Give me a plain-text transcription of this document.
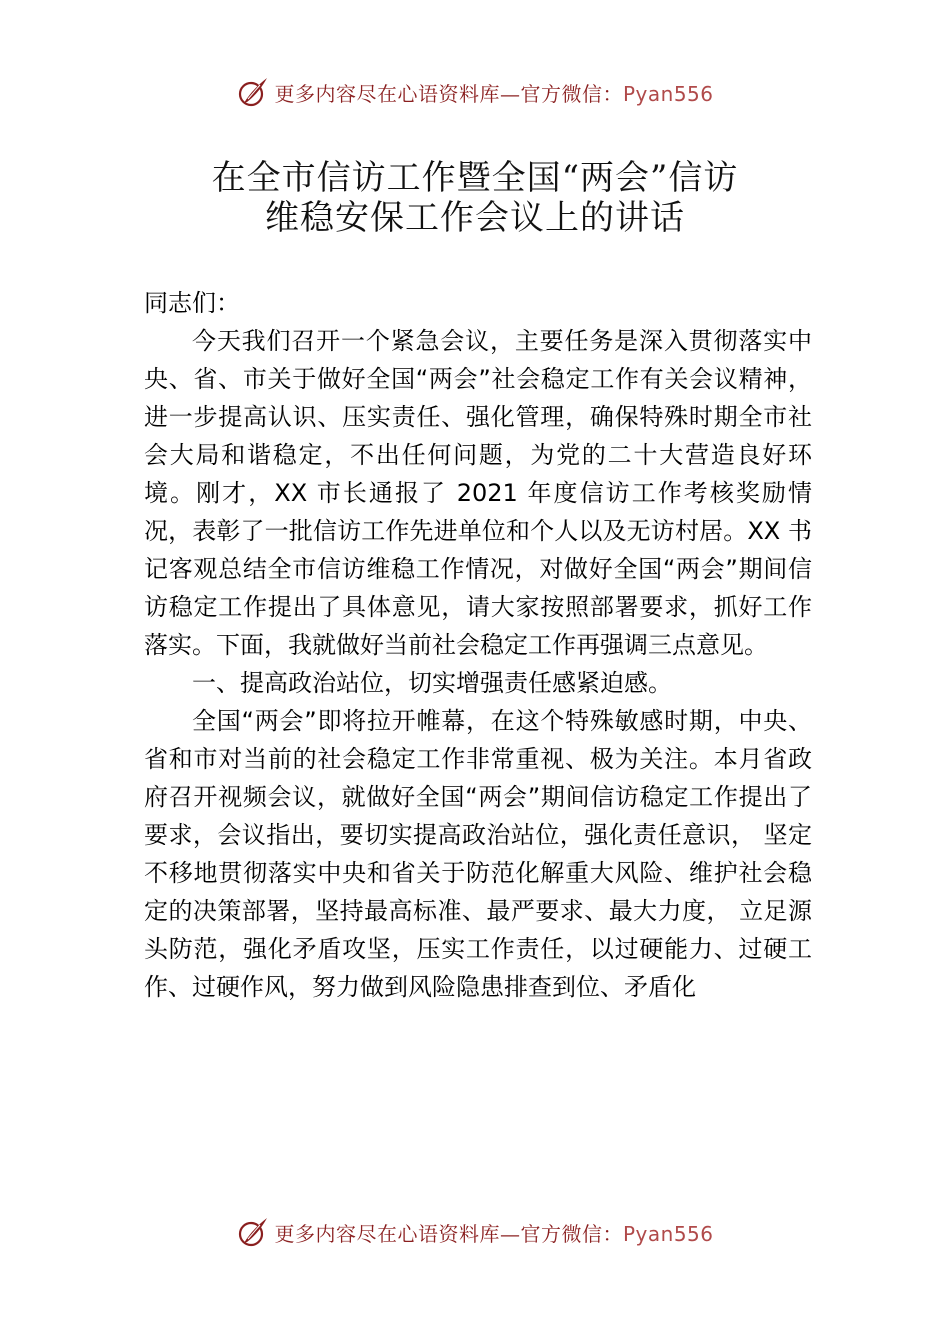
更多内容尽在心语资料库—官方微信：Pyan556
在全市信访工作暨全国“两会”信访
维稳安保工作会议上的讲话

同志们：

今天我们召开一个紧急会议，主要任务是深入贯彻落实中央、省、市关于做好全国“两会”社会稳定工作有关会议精神，进一步提高认识、压实责任、强化管理，确保特殊时期全市社会大局和谐稳定，不出任何问题，为党的二十大营造良好环境。刚才，XX 市长通报了 2021 年度信访工作考核奖励情况，表彰了一批信访工作先进单位和个人以及无访村居。XX 书记客观总结全市信访维稳工作情况，对做好全国“两会”期间信访稳定工作提出了具体意见，请大家按照部署要求，抓好工作落实。下面，我就做好当前社会稳定工作再强调三点意见。

一、提高政治站位，切实增强责任感紧迫感。

全国“两会”即将拉开帷幕，在这个特殊敏感时期，中央、省和市对当前的社会稳定工作非常重视、极为关注。本月省政府召开视频会议，就做好全国“两会”期间信访稳定工作提出了要求，会议指出，要切实提高政治站位，强化责任意识， 坚定不移地贯彻落实中央和省关于防范化解重大风险、维护社会稳定的决策部署，坚持最高标准、最严要求、最大力度， 立足源头防范，强化矛盾攻坚，压实工作责任，以过硬能力、过硬工作、过硬作风，努力做到风险隐患排查到位、矛盾化

更多内容尽在心语资料库—官方微信：Pyan556
